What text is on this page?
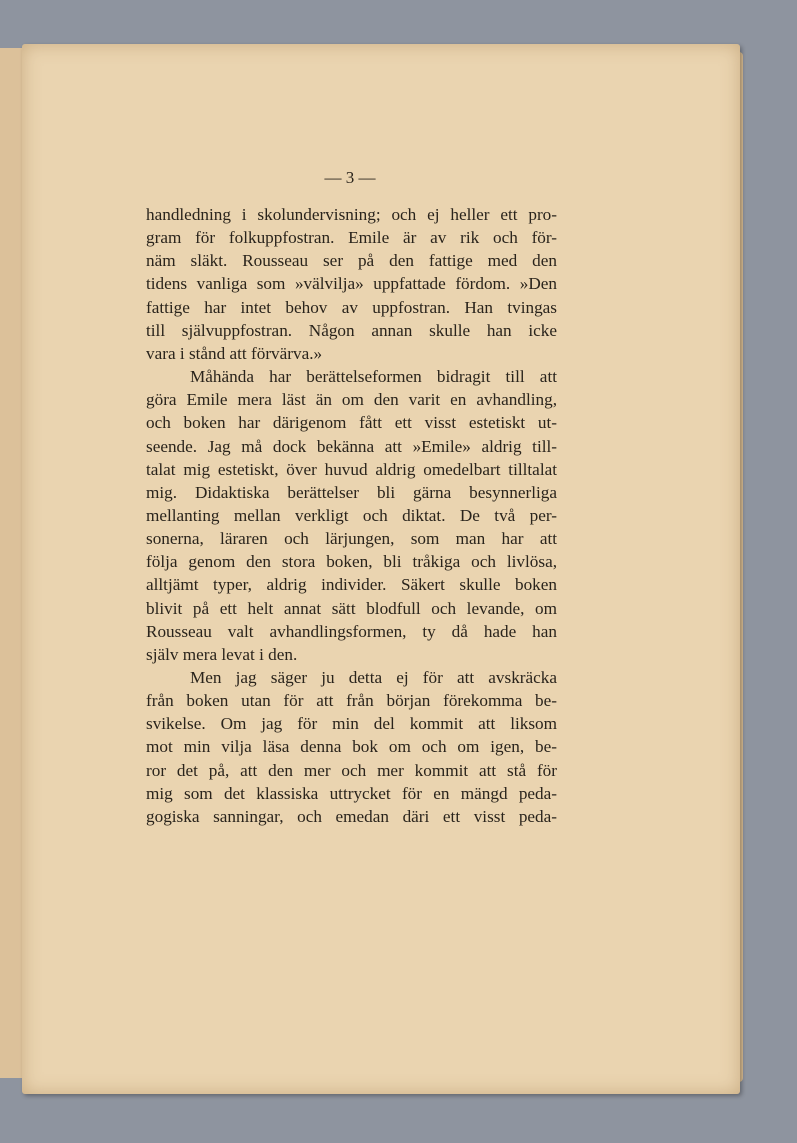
— 3 —
handledning i skolundervisning; och ej heller ett pro-
gram för folkuppfostran. Emile är av rik och för-
näm släkt. Rousseau ser på den fattige med den
tidens vanliga som »välvilja» uppfattade fördom. »Den
fattige har intet behov av uppfostran. Han tvingas
till självuppfostran. Någon annan skulle han icke
vara i stånd att förvärva.»
Måhända har berättelseformen bidragit till att
göra Emile mera läst än om den varit en avhandling,
och boken har därigenom fått ett visst estetiskt ut-
seende. Jag må dock bekänna att »Emile» aldrig till-
talat mig estetiskt, över huvud aldrig omedelbart tilltalat
mig. Didaktiska berättelser bli gärna besynnerliga
mellanting mellan verkligt och diktat. De två per-
sonerna, läraren och lärjungen, som man har att
följa genom den stora boken, bli tråkiga och livlösa,
alltjämt typer, aldrig individer. Säkert skulle boken
blivit på ett helt annat sätt blodfull och levande, om
Rousseau valt avhandlingsformen, ty då hade han
själv mera levat i den.
Men jag säger ju detta ej för att avskräcka
från boken utan för att från början förekomma be-
svikelse. Om jag för min del kommit att liksom
mot min vilja läsa denna bok om och om igen, be-
ror det på, att den mer och mer kommit att stå för
mig som det klassiska uttrycket för en mängd peda-
gogiska sanningar, och emedan däri ett visst peda-
